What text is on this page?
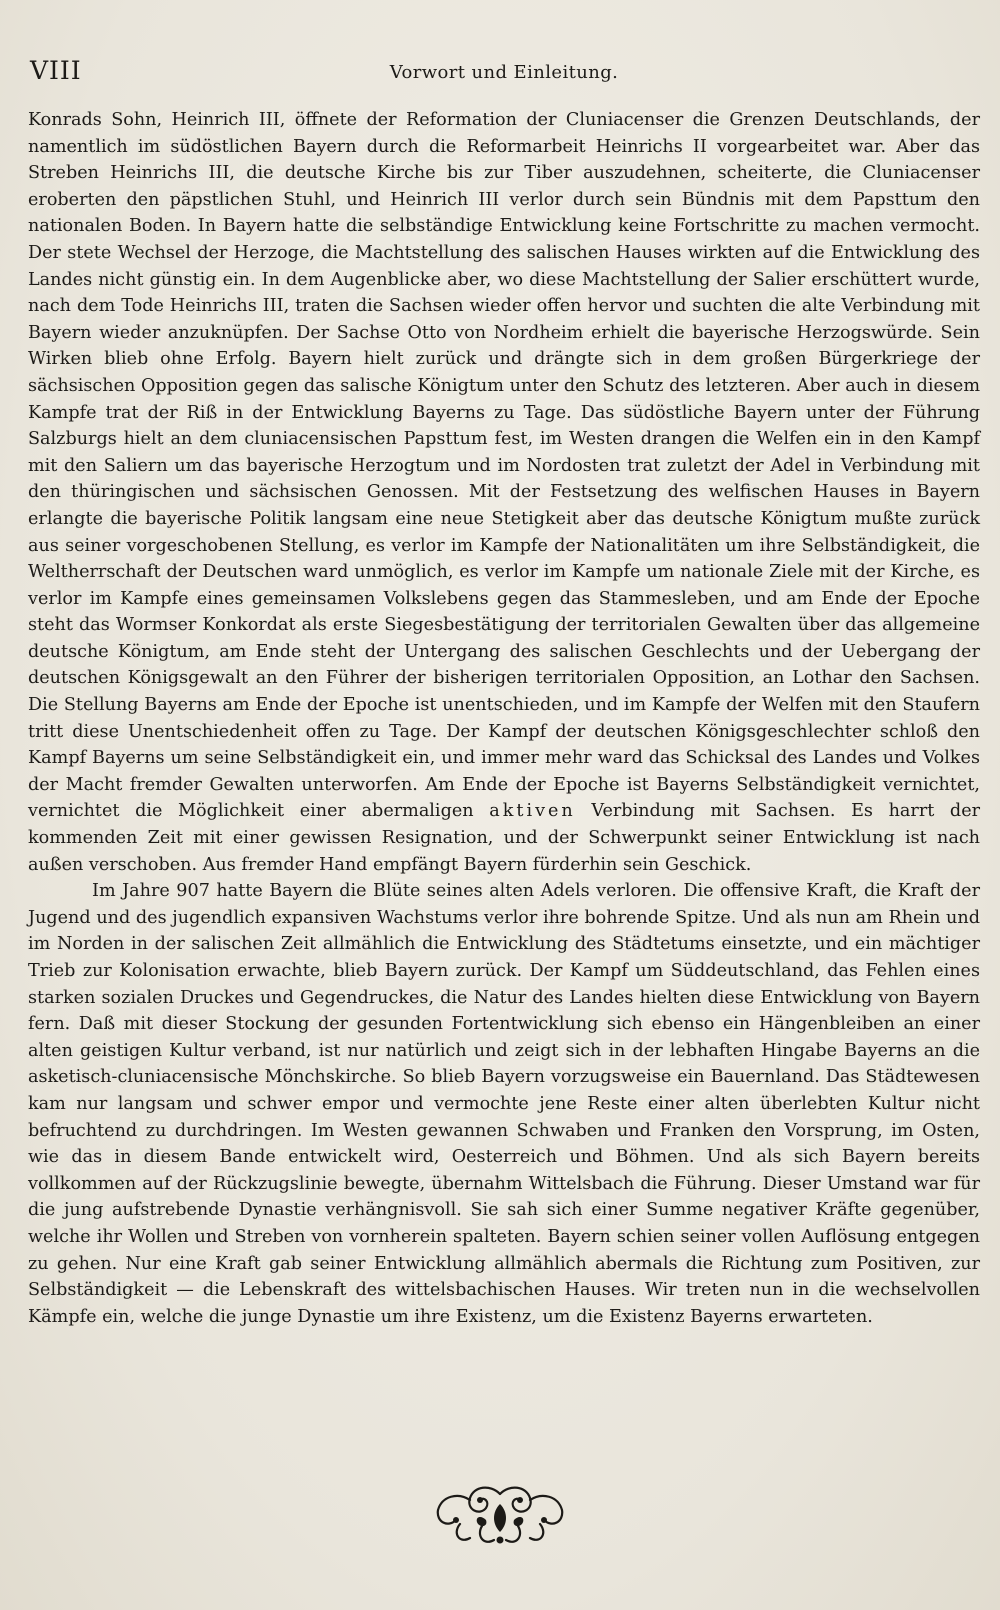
VIII	Vorwort und Einleitung.

Konrads Sohn, Heinrich III, öffnete der Reformation der Cluniacenser die Grenzen Deutschlands, der namentlich im südöstlichen Bayern durch die Reformarbeit Heinrichs II vorgearbeitet war. Aber das Streben Heinrichs III, die deutsche Kirche bis zur Tiber auszudehnen, scheiterte, die Cluniacenser eroberten den päpstlichen Stuhl, und Heinrich III verlor durch sein Bündnis mit dem Papsttum den nationalen Boden. In Bayern hatte die selbständige Entwicklung keine Fortschritte zu machen vermocht. Der stete Wechsel der Herzoge, die Machtstellung des salischen Hauses wirkten auf die Entwicklung des Landes nicht günstig ein. In dem Augenblicke aber, wo diese Machtstellung der Salier erschüttert wurde, nach dem Tode Heinrichs III, traten die Sachsen wieder offen hervor und suchten die alte Verbindung mit Bayern wieder anzuknüpfen. Der Sachse Otto von Nordheim erhielt die bayerische Herzogswürde. Sein Wirken blieb ohne Erfolg. Bayern hielt zurück und drängte sich in dem großen Bürgerkriege der sächsischen Opposition gegen das salische Königtum unter den Schutz des letzteren. Aber auch in diesem Kampfe trat der Riß in der Entwicklung Bayerns zu Tage. Das südöstliche Bayern unter der Führung Salzburgs hielt an dem cluniacensischen Papsttum fest, im Westen drangen die Welfen ein in den Kampf mit den Saliern um das bayerische Herzogtum und im Nordosten trat zuletzt der Adel in Verbindung mit den thüringischen und sächsischen Genossen. Mit der Festsetzung des welfischen Hauses in Bayern erlangte die bayerische Politik langsam eine neue Stetigkeit aber das deutsche Königtum mußte zurück aus seiner vorgeschobenen Stellung, es verlor im Kampfe der Nationalitäten um ihre Selbständigkeit, die Weltherrschaft der Deutschen ward unmöglich, es verlor im Kampfe um nationale Ziele mit der Kirche, es verlor im Kampfe eines gemeinsamen Volkslebens gegen das Stammesleben, und am Ende der Epoche steht das Wormser Konkordat als erste Siegesbestätigung der territorialen Gewalten über das allgemeine deutsche Königtum, am Ende steht der Untergang des salischen Geschlechts und der Uebergang der deutschen Königsgewalt an den Führer der bisherigen territorialen Opposition, an Lothar den Sachsen. Die Stellung Bayerns am Ende der Epoche ist unentschieden, und im Kampfe der Welfen mit den Staufern tritt diese Unentschiedenheit offen zu Tage. Der Kampf der deutschen Königsgeschlechter schloß den Kampf Bayerns um seine Selbständigkeit ein, und immer mehr ward das Schicksal des Landes und Volkes der Macht fremder Gewalten unterworfen. Am Ende der Epoche ist Bayerns Selbständigkeit vernichtet, vernichtet die Möglichkeit einer abermaligen aktiven Verbindung mit Sachsen. Es harrt der kommenden Zeit mit einer gewissen Resignation, und der Schwerpunkt seiner Entwicklung ist nach außen verschoben. Aus fremder Hand empfängt Bayern fürderhin sein Geschick.

Im Jahre 907 hatte Bayern die Blüte seines alten Adels verloren. Die offensive Kraft, die Kraft der Jugend und des jugendlich expansiven Wachstums verlor ihre bohrende Spitze. Und als nun am Rhein und im Norden in der salischen Zeit allmählich die Entwicklung des Städtetums einsetzte, und ein mächtiger Trieb zur Kolonisation erwachte, blieb Bayern zurück. Der Kampf um Süddeutschland, das Fehlen eines starken sozialen Druckes und Gegendruckes, die Natur des Landes hielten diese Entwicklung von Bayern fern. Daß mit dieser Stockung der gesunden Fortentwicklung sich ebenso ein Hängenbleiben an einer alten geistigen Kultur verband, ist nur natürlich und zeigt sich in der lebhaften Hingabe Bayerns an die asketisch-cluniacensische Mönchskirche. So blieb Bayern vorzugsweise ein Bauernland. Das Städtewesen kam nur langsam und schwer empor und vermochte jene Reste einer alten überlebten Kultur nicht befruchtend zu durchdringen. Im Westen gewannen Schwaben und Franken den Vorsprung, im Osten, wie das in diesem Bande entwickelt wird, Oesterreich und Böhmen. Und als sich Bayern bereits vollkommen auf der Rückzugslinie bewegte, übernahm Wittelsbach die Führung. Dieser Umstand war für die jung aufstrebende Dynastie verhängnisvoll. Sie sah sich einer Summe negativer Kräfte gegenüber, welche ihr Wollen und Streben von vornherein spalteten. Bayern schien seiner vollen Auflösung entgegen zu gehen. Nur eine Kraft gab seiner Entwicklung allmählich abermals die Richtung zum Positiven, zur Selbständigkeit — die Lebenskraft des wittelsbachischen Hauses. Wir treten nun in die wechselvollen Kämpfe ein, welche die junge Dynastie um ihre Existenz, um die Existenz Bayerns erwarteten.
